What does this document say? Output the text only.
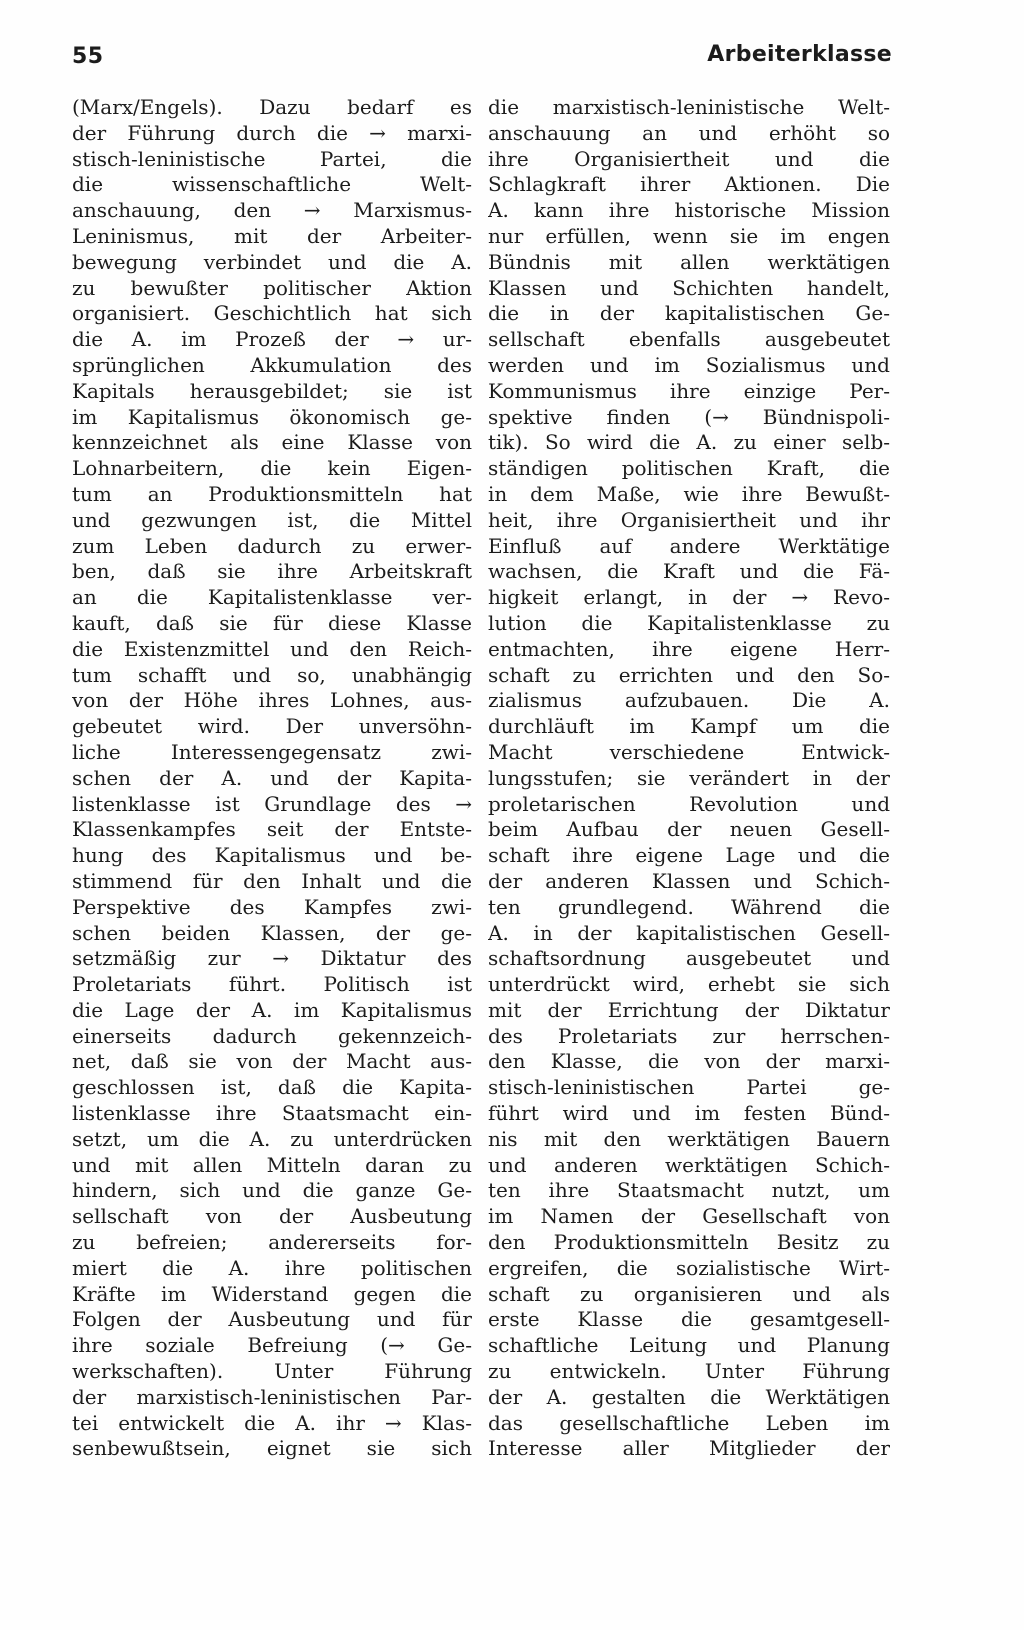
55	Arbeiterklasse
(Marx/Engels). Dazu bedarf es
der Führung durch die → marxi-
stisch-leninistische Partei, die
die wissenschaftliche Welt-
anschauung, den → Marxismus-
Leninismus, mit der Arbeiter-
bewegung verbindet und die A.
zu bewußter politischer Aktion
organisiert. Geschichtlich hat sich
die A. im Prozeß der → ur-
sprünglichen Akkumulation des
Kapitals herausgebildet; sie ist
im Kapitalismus ökonomisch ge-
kennzeichnet als eine Klasse von
Lohnarbeitern, die kein Eigen-
tum an Produktionsmitteln hat
und gezwungen ist, die Mittel
zum Leben dadurch zu erwer-
ben, daß sie ihre Arbeitskraft
an die Kapitalistenklasse ver-
kauft, daß sie für diese Klasse
die Existenzmittel und den Reich-
tum schafft und so, unabhängig
von der Höhe ihres Lohnes, aus-
gebeutet wird. Der unversöhn-
liche Interessengegensatz zwi-
schen der A. und der Kapita-
listenklasse ist Grundlage des →
Klassenkampfes seit der Entste-
hung des Kapitalismus und be-
stimmend für den Inhalt und die
Perspektive des Kampfes zwi-
schen beiden Klassen, der ge-
setzmäßig zur → Diktatur des
Proletariats führt. Politisch ist
die Lage der A. im Kapitalismus
einerseits dadurch gekennzeich-
net, daß sie von der Macht aus-
geschlossen ist, daß die Kapita-
listenklasse ihre Staatsmacht ein-
setzt, um die A. zu unterdrücken
und mit allen Mitteln daran zu
hindern, sich und die ganze Ge-
sellschaft von der Ausbeutung
zu befreien; andererseits for-
miert die A. ihre politischen
Kräfte im Widerstand gegen die
Folgen der Ausbeutung und für
ihre soziale Befreiung (→ Ge-
werkschaften). Unter Führung
der marxistisch-leninistischen Par-
tei entwickelt die A. ihr → Klas-
senbewußtsein, eignet sie sich
die marxistisch-leninistische Welt-
anschauung an und erhöht so
ihre Organisiertheit und die
Schlagkraft ihrer Aktionen. Die
A. kann ihre historische Mission
nur erfüllen, wenn sie im engen
Bündnis mit allen werktätigen
Klassen und Schichten handelt,
die in der kapitalistischen Ge-
sellschaft ebenfalls ausgebeutet
werden und im Sozialismus und
Kommunismus ihre einzige Per-
spektive finden (→ Bündnispoli-
tik). So wird die A. zu einer selb-
ständigen politischen Kraft, die
in dem Maße, wie ihre Bewußt-
heit, ihre Organisiertheit und ihr
Einfluß auf andere Werktätige
wachsen, die Kraft und die Fä-
higkeit erlangt, in der → Revo-
lution die Kapitalistenklasse zu
entmachten, ihre eigene Herr-
schaft zu errichten und den So-
zialismus aufzubauen. Die A.
durchläuft im Kampf um die
Macht verschiedene Entwick-
lungsstufen; sie verändert in der
proletarischen Revolution und
beim Aufbau der neuen Gesell-
schaft ihre eigene Lage und die
der anderen Klassen und Schich-
ten grundlegend. Während die
A. in der kapitalistischen Gesell-
schaftsordnung ausgebeutet und
unterdrückt wird, erhebt sie sich
mit der Errichtung der Diktatur
des Proletariats zur herrschen-
den Klasse, die von der marxi-
stisch-leninistischen Partei ge-
führt wird und im festen Bünd-
nis mit den werktätigen Bauern
und anderen werktätigen Schich-
ten ihre Staatsmacht nutzt, um
im Namen der Gesellschaft von
den Produktionsmitteln Besitz zu
ergreifen, die sozialistische Wirt-
schaft zu organisieren und als
erste Klasse die gesamtgesell-
schaftliche Leitung und Planung
zu entwickeln. Unter Führung
der A. gestalten die Werktätigen
das gesellschaftliche Leben im
Interesse aller Mitglieder der
